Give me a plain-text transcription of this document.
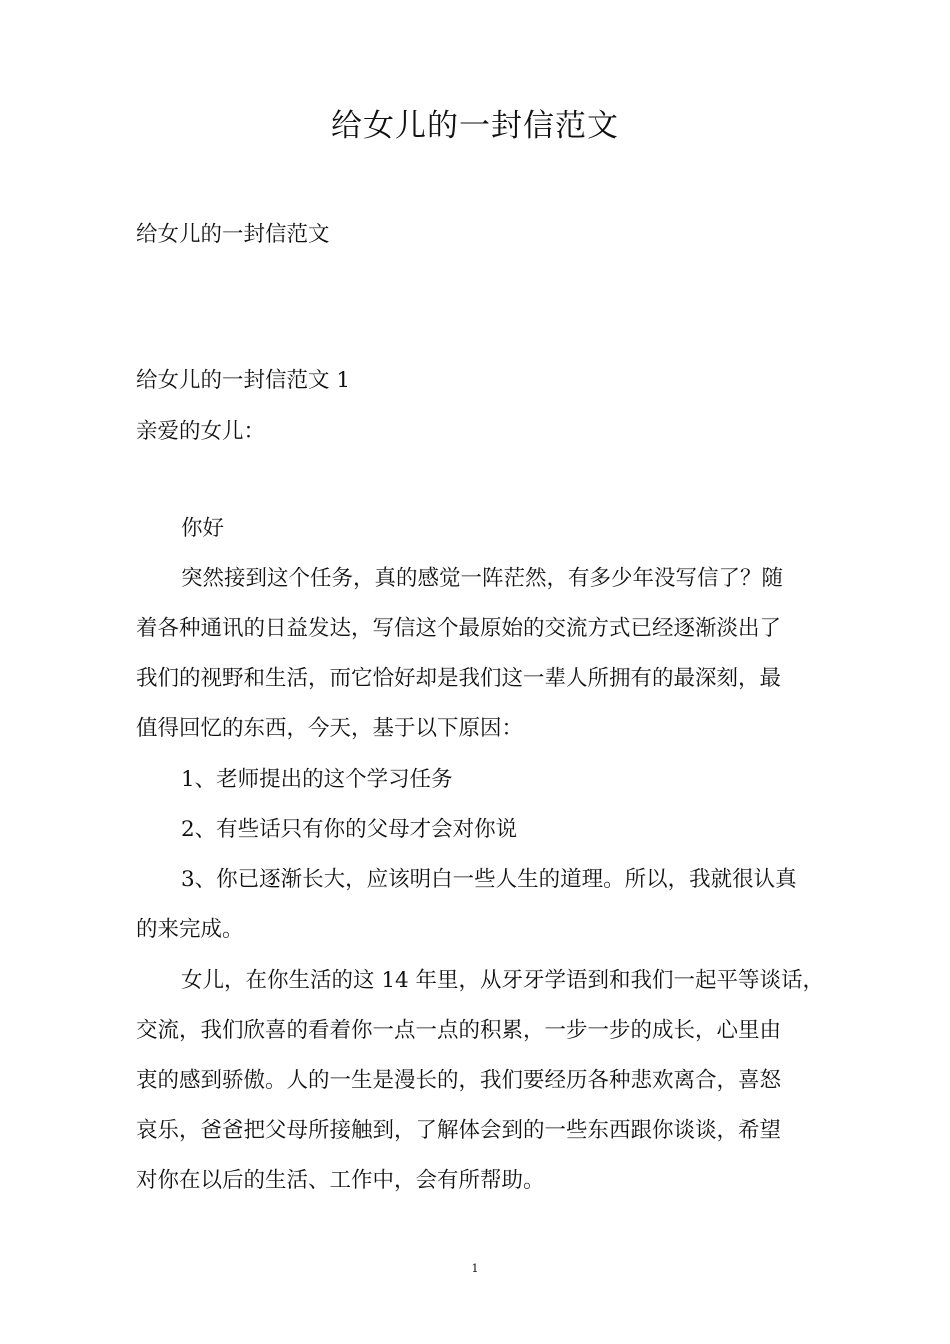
给女儿的一封信范文
给女儿的一封信范文
给女儿的一封信范文 1
亲爱的女儿：
你好
突然接到这个任务，真的感觉一阵茫然，有多少年没写信了？随
着各种通讯的日益发达，写信这个最原始的交流方式已经逐渐淡出了
我们的视野和生活，而它恰好却是我们这一辈人所拥有的最深刻，最
值得回忆的东西，今天，基于以下原因：
1、老师提出的这个学习任务
2、有些话只有你的父母才会对你说
3、你已逐渐长大，应该明白一些人生的道理。所以，我就很认真
的来完成。
女儿，在你生活的这 14 年里，从牙牙学语到和我们一起平等谈话，
交流，我们欣喜的看着你一点一点的积累，一步一步的成长，心里由
衷的感到骄傲。人的一生是漫长的，我们要经历各种悲欢离合，喜怒
哀乐，爸爸把父母所接触到，了解体会到的一些东西跟你谈谈，希望
对你在以后的生活、工作中，会有所帮助。
1
